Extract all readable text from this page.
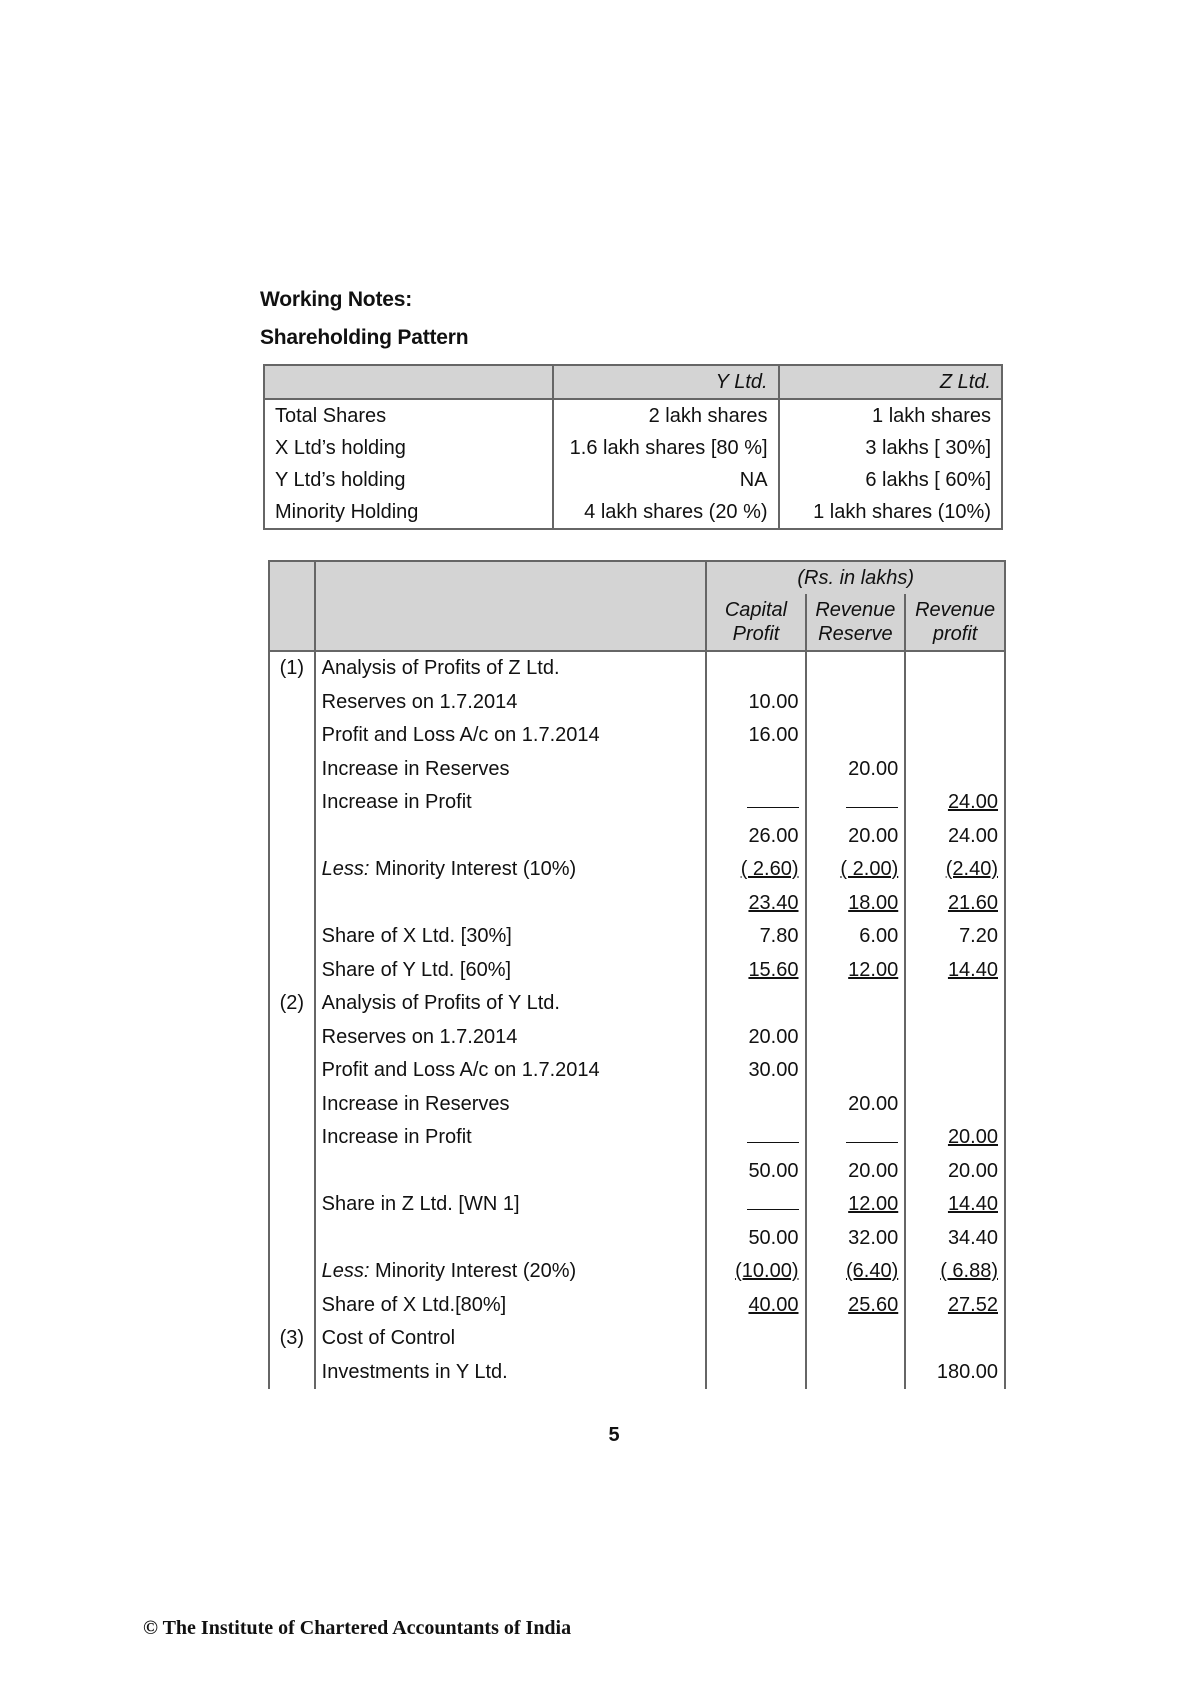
Working Notes:
Shareholding Pattern
	Y Ltd.	Z Ltd.
Total Shares	2 lakh shares	1 lakh shares
X Ltd’s holding	1.6 lakh shares [80 %]	3 lakhs [ 30%]
Y Ltd’s holding	NA	6 lakhs [ 60%]
Minority Holding	4 lakh shares (20 %)	1 lakh shares (10%)
		(Rs. in lakhs)		
		Capital Profit	Revenue Reserve	Revenue profit
(1)	Analysis of Profits of Z Ltd.			
	Reserves on 1.7.2014	10.00		
	Profit and Loss A/c on 1.7.2014	16.00		
	Increase in Reserves		20.00	
	Increase in Profit			24.00
		26.00	20.00	24.00
	Less: Minority Interest (10%)	( 2.60)	( 2.00)	(2.40)
		23.40	18.00	21.60
	Share of X Ltd. [30%]	7.80	6.00	7.20
	Share of Y Ltd. [60%]	15.60	12.00	14.40
(2)	Analysis of Profits of Y Ltd.			
	Reserves on 1.7.2014	20.00		
	Profit and Loss A/c on 1.7.2014	30.00		
	Increase in Reserves		20.00	
	Increase in Profit			20.00
		50.00	20.00	20.00
	Share in Z Ltd. [WN 1]		12.00	14.40
		50.00	32.00	34.40
	Less: Minority Interest (20%)	(10.00)	(6.40)	( 6.88)
	Share of X Ltd.[80%]	40.00	25.60	27.52
(3)	Cost of Control			
	Investments in Y Ltd.			180.00
5
© The Institute of Chartered Accountants of India
